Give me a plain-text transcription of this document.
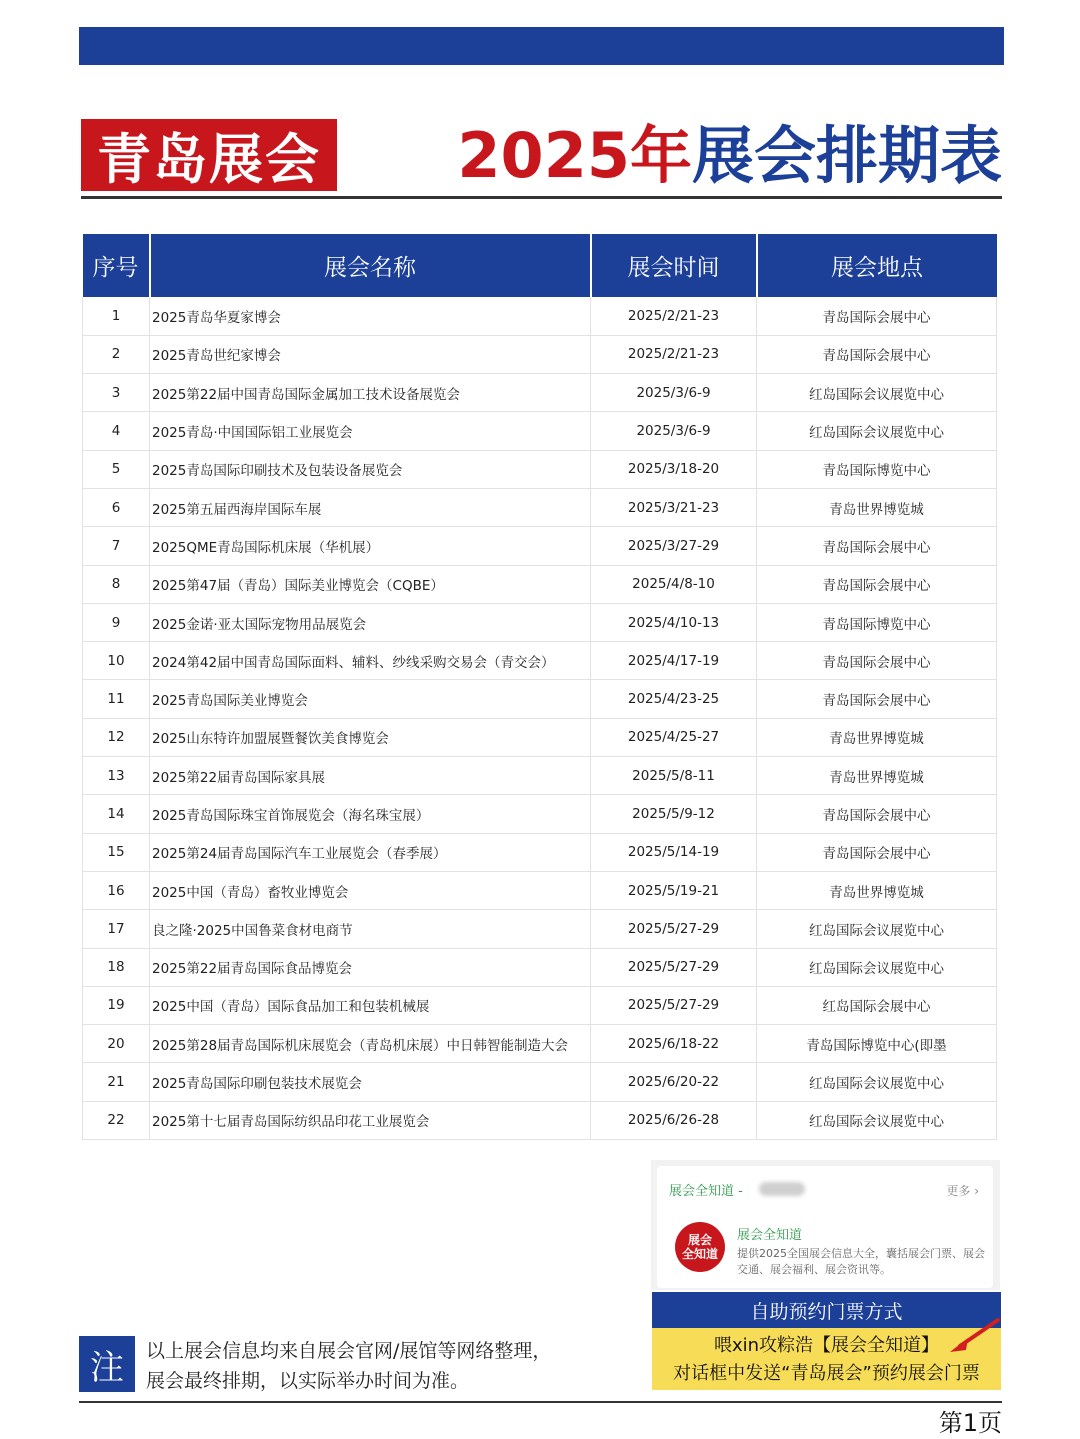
青岛展会 2025年 展会排期表
序号	展会名称	展会时间	展会地点
1	2025青岛华夏家博会	2025/2/21-23	青岛国际会展中心
2	2025青岛世纪家博会	2025/2/21-23	青岛国际会展中心
3	2025第22届中国青岛国际金属加工技术设备展览会	2025/3/6-9	红岛国际会议展览中心
4	2025青岛·中国国际铝工业展览会	2025/3/6-9	红岛国际会议展览中心
5	2025青岛国际印刷技术及包装设备展览会	2025/3/18-20	青岛国际博览中心
6	2025第五届西海岸国际车展	2025/3/21-23	青岛世界博览城
7	2025QME青岛国际机床展（华机展）	2025/3/27-29	青岛国际会展中心
8	2025第47届（青岛）国际美业博览会（CQBE）	2025/4/8-10	青岛国际会展中心
9	2025金诺·亚太国际宠物用品展览会	2025/4/10-13	青岛国际博览中心
10	2024第42届中国青岛国际面料、辅料、纱线采购交易会（青交会）	2025/4/17-19	青岛国际会展中心
11	2025青岛国际美业博览会	2025/4/23-25	青岛国际会展中心
12	2025山东特许加盟展暨餐饮美食博览会	2025/4/25-27	青岛世界博览城
13	2025第22届青岛国际家具展	2025/5/8-11	青岛世界博览城
14	2025青岛国际珠宝首饰展览会（海名珠宝展）	2025/5/9-12	青岛国际会展中心
15	2025第24届青岛国际汽车工业展览会（春季展）	2025/5/14-19	青岛国际会展中心
16	2025中国（青岛）畜牧业博览会	2025/5/19-21	青岛世界博览城
17	良之隆·2025中国鲁菜食材电商节	2025/5/27-29	红岛国际会议展览中心
18	2025第22届青岛国际食品博览会	2025/5/27-29	红岛国际会议展览中心
19	2025中国（青岛）国际食品加工和包装机械展	2025/5/27-29	红岛国际会展中心
20	2025第28届青岛国际机床展览会（青岛机床展）中日韩智能制造大会	2025/6/18-22	青岛国际博览中心(即墨
21	2025青岛国际印刷包装技术展览会	2025/6/20-22	红岛国际会议展览中心
22	2025第十七届青岛国际纺织品印花工业展览会	2025/6/26-28	红岛国际会议展览中心
展会全知道 -	更多 ›
展会
全知道
展会全知道
提供2025全国展会信息大全，囊括展会门票、展会交通、展会福利、展会资讯等。
自助预约门票方式
喂xin攻粽浩【展会全知道】
对话框中发送“青岛展会”预约展会门票
注	以上展会信息均来自展会官网/展馆等网络整理，
展会最终排期，以实际举办时间为准。
第1页
